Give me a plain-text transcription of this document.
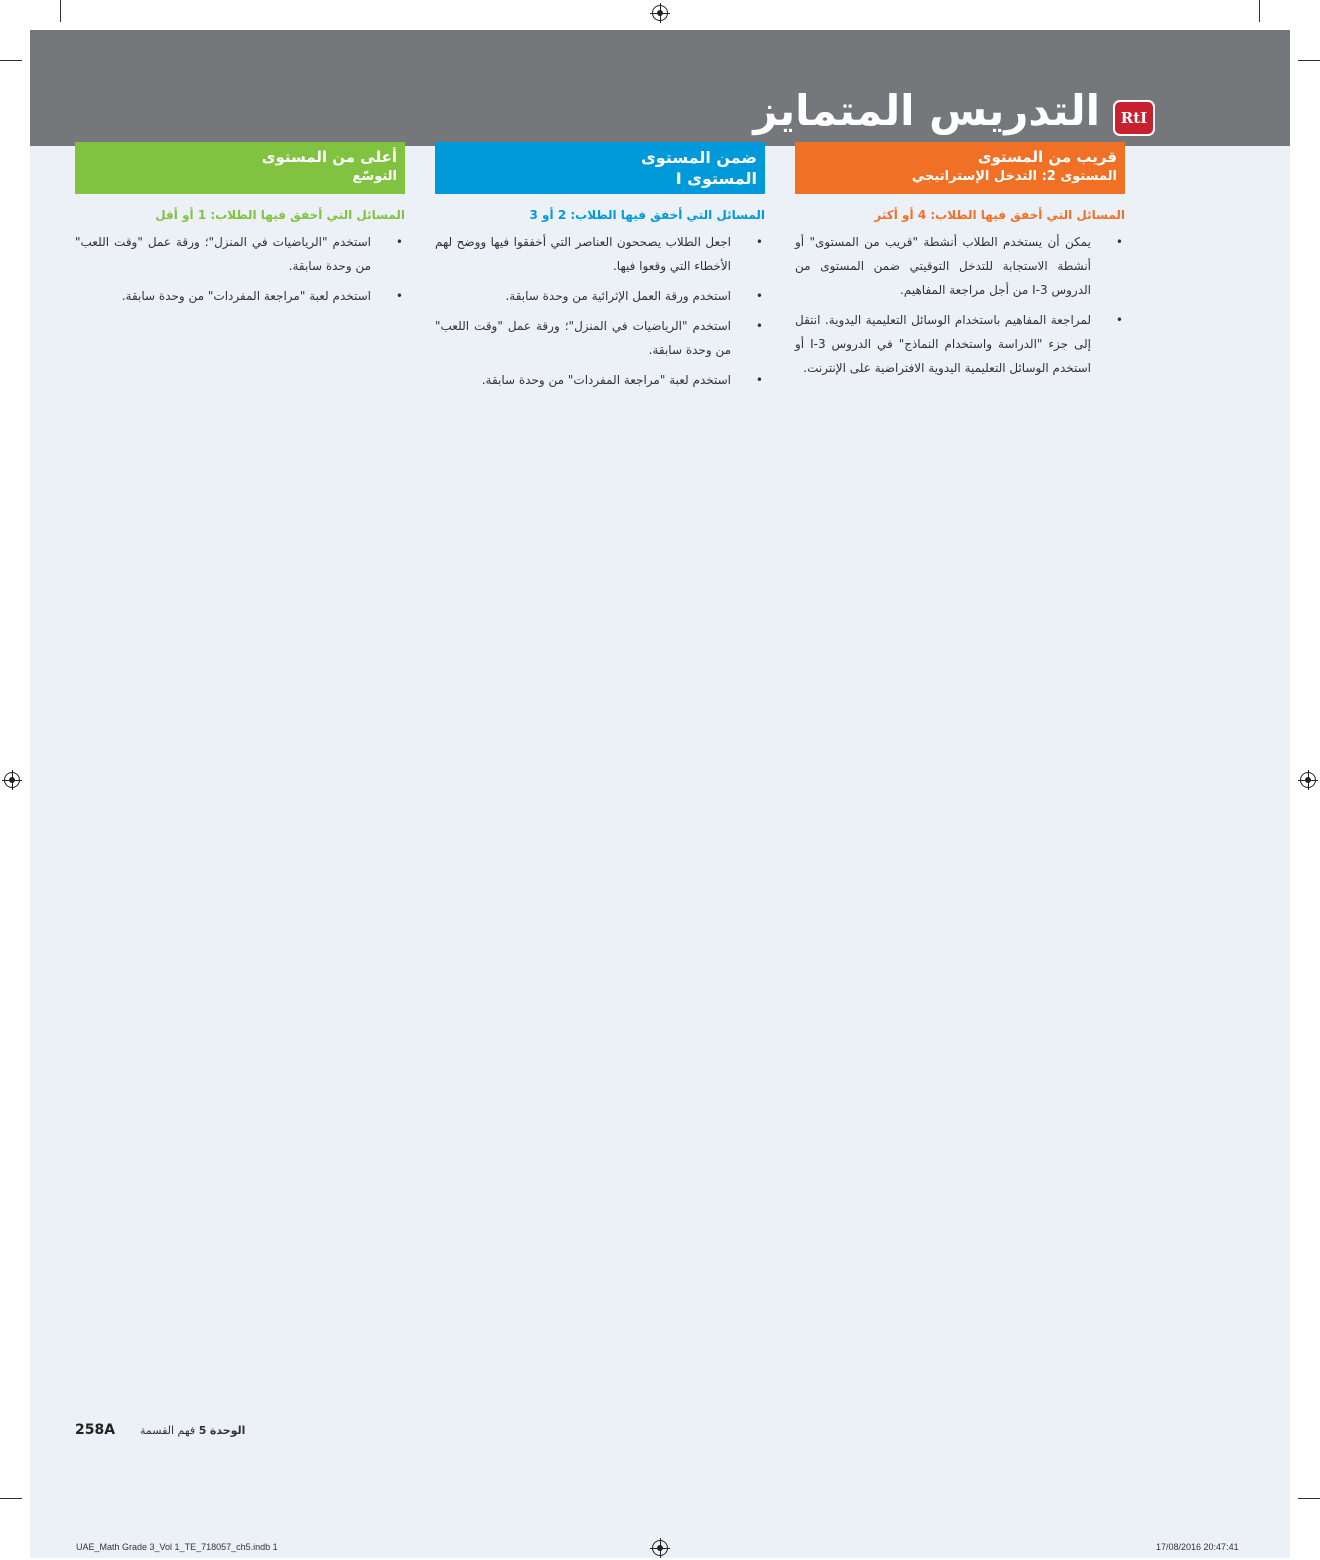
التدريس المتمايز	RtI
قريب من المستوى
المستوى 2: التدخل الإستراتيجي
المسائل التي أخفق فيها الطلاب: 4 أو أكثر
•
يمكن أن يستخدم الطلاب أنشطة "قريب من المستوى" أو أنشطة الاستجابة للتدخل التوقيتي ضمن المستوى من الدروس 3-I من أجل مراجعة المفاهيم.
•
لمراجعة المفاهيم باستخدام الوسائل التعليمية اليدوية. انتقل إلى جزء "الدراسة واستخدام النماذج" في الدروس I-3 أو استخدم الوسائل التعليمية اليدوية الافتراضية على الإنترنت.
ضمن المستوى
المستوى I
المسائل التي أخفق فيها الطلاب: 2 أو 3
•
اجعل الطلاب يصححون العناصر التي أخفقوا فيها ووضح لهم الأخطاء التي وقعوا فيها.
•
استخدم ورقة العمل الإثرائية من وحدة سابقة.
•
استخدم "الرياضيات في المنزل"؛ ورقة عمل "وقت اللعب" من وحدة سابقة.
•
استخدم لعبة "مراجعة المفردات" من وحدة سابقة.
أعلى من المستوى
التوسّع
المسائل التي أخفق فيها الطلاب: 1 أو أقل
•
استخدم "الرياضيات في المنزل"؛ ورقة عمل "وقت اللعب" من وحدة سابقة.
•
استخدم لعبة "مراجعة المفردات" من وحدة سابقة.
258A	الوحدة 5 فهم القسمة
UAE_Math Grade 3_Vol 1_TE_718057_ch5.indb 1	17/08/2016 20:47:41
